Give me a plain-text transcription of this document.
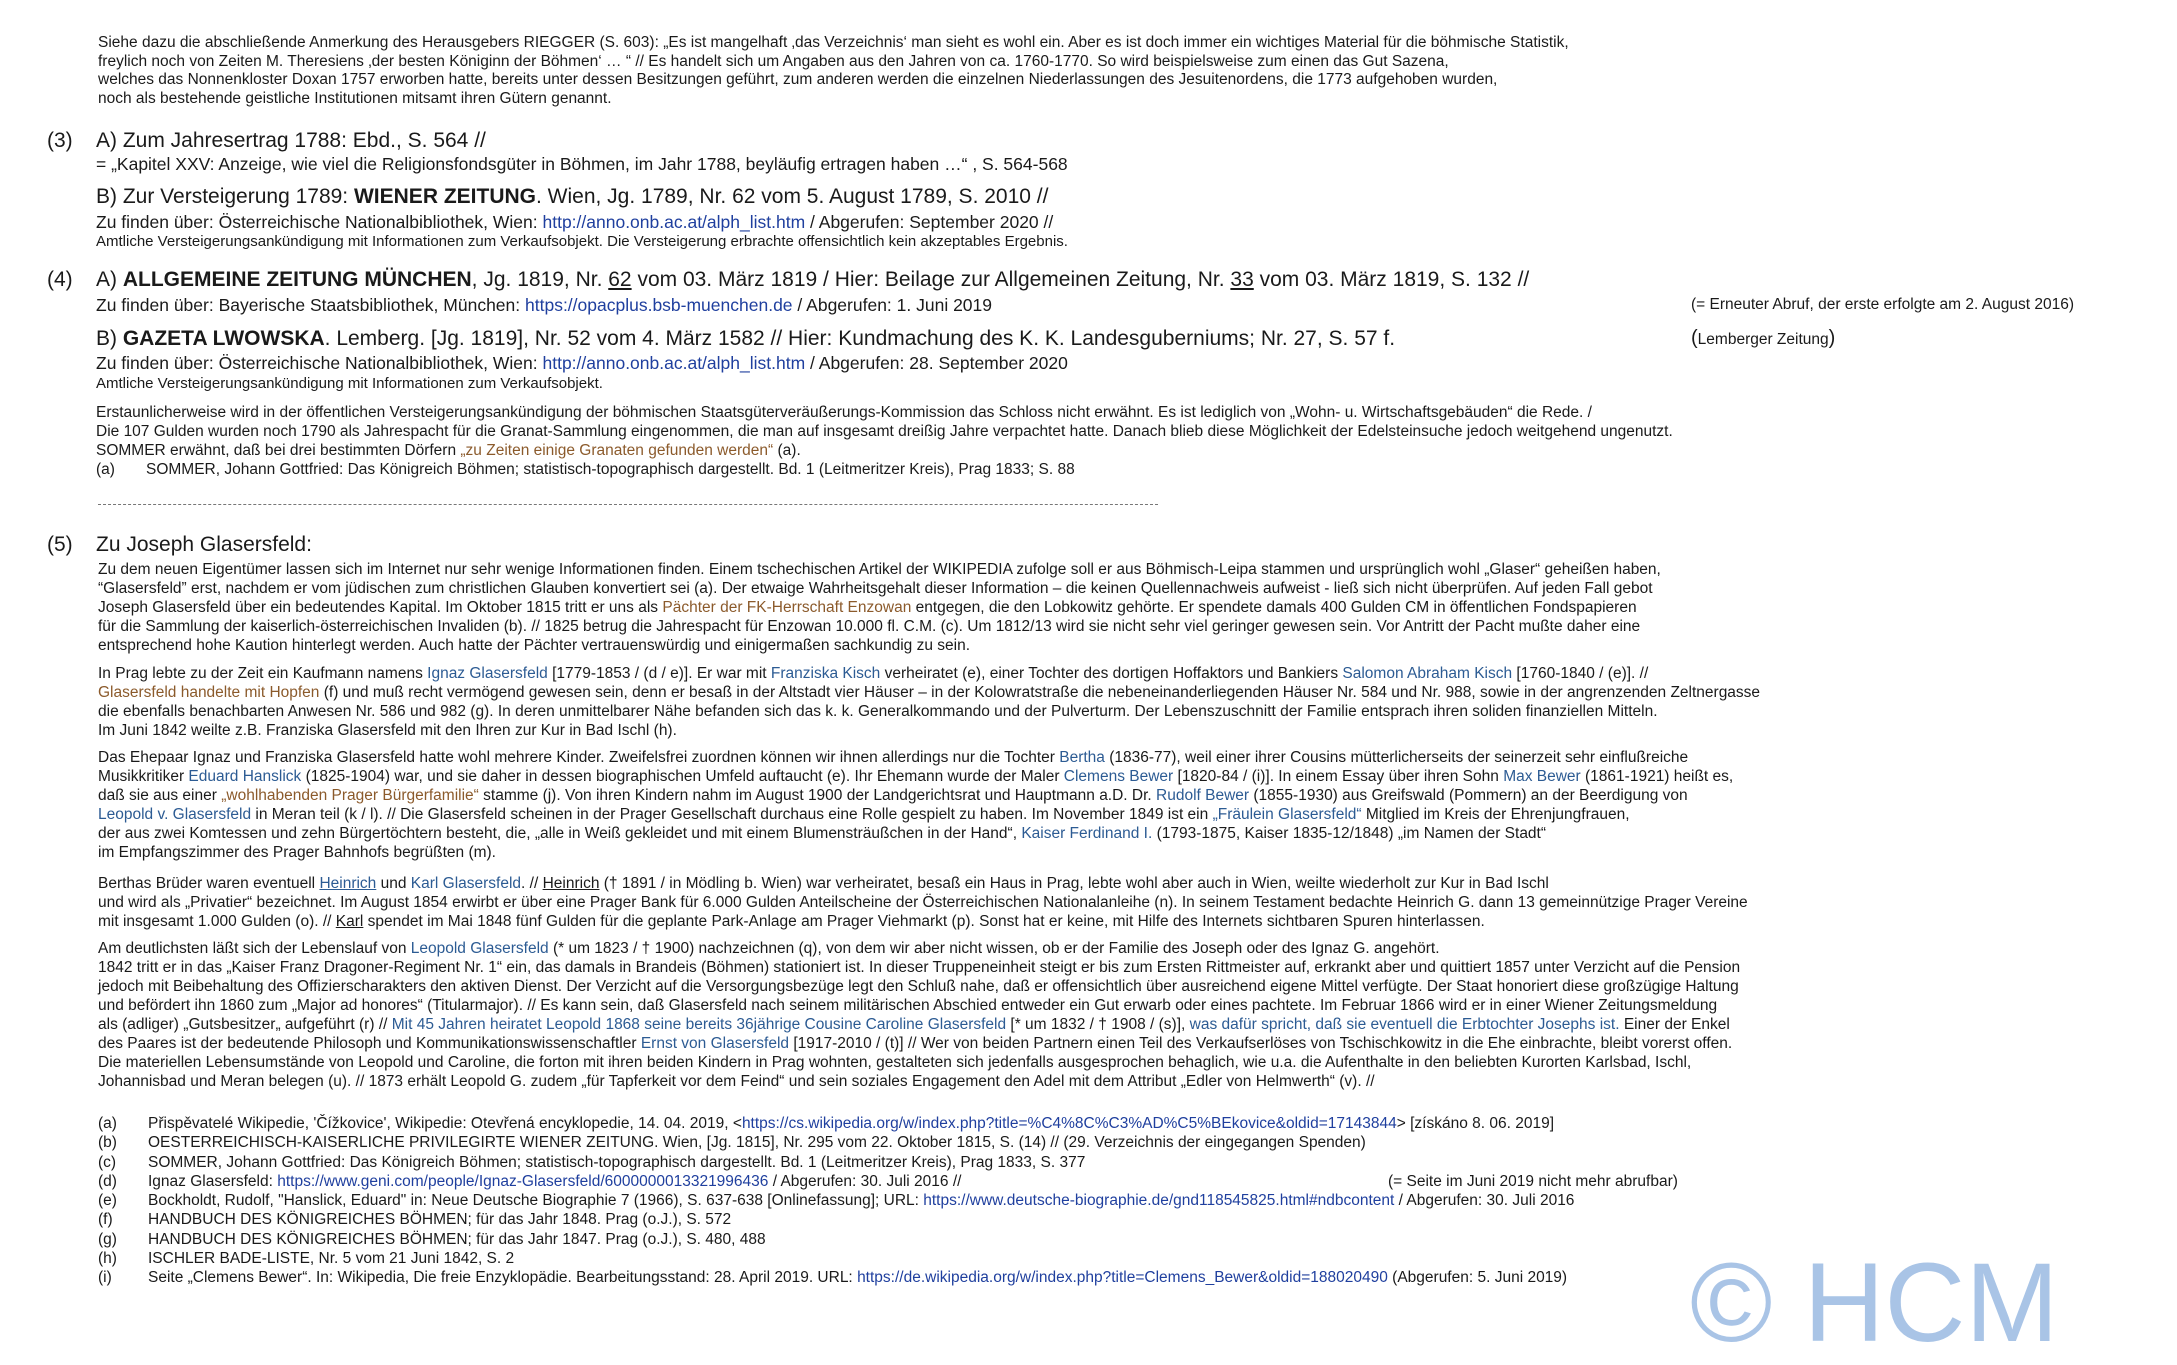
Siehe dazu die abschließende Anmerkung des Herausgebers RIEGGER (S. 603): „Es ist mangelhaft ‚das Verzeichnis‘ man sieht es wohl ein. Aber es ist doch immer ein wichtiges Material für die böhmische Statistik,
freylich noch von Zeiten M. Theresiens ‚der besten Königinn der Böhmen‘ … “ // Es handelt sich um Angaben aus den Jahren von ca. 1760-1770. So wird beispielsweise zum einen das Gut Sazena,
welches das Nonnenkloster Doxan 1757 erworben hatte, bereits unter dessen Besitzungen geführt, zum anderen werden die einzelnen Niederlassungen des Jesuitenordens, die 1773 aufgehoben wurden,
noch als bestehende geistliche Institutionen mitsamt ihren Gütern genannt.
(3) A) Zum Jahresertrag 1788: Ebd., S. 564 //
= „Kapitel XXV: Anzeige, wie viel die Religionsfondsgüter in Böhmen, im Jahr 1788, beyläufig ertragen haben …“ , S. 564-568
B) Zur Versteigerung 1789: WIENER ZEITUNG. Wien, Jg. 1789, Nr. 62 vom 5. August 1789, S. 2010 //
Zu finden über: Österreichische Nationalbibliothek, Wien: http://anno.onb.ac.at/alph_list.htm / Abgerufen: September 2020 //
Amtliche Versteigerungsankündigung mit Informationen zum Verkaufsobjekt. Die Versteigerung erbrachte offensichtlich kein akzeptables Ergebnis.
(4) A) ALLGEMEINE ZEITUNG MÜNCHEN, Jg. 1819, Nr. 62 vom 03. März 1819 / Hier: Beilage zur Allgemeinen Zeitung, Nr. 33 vom 03. März 1819, S. 132 //
Zu finden über: Bayerische Staatsbibliothek, München: https://opacplus.bsb-muenchen.de / Abgerufen: 1. Juni 2019	(= Erneuter Abruf, der erste erfolgte am 2. August 2016)
B) GAZETA LWOWSKA. Lemberg. [Jg. 1819], Nr. 52 vom 4. März 1582 // Hier: Kundmachung des K. K. Landesguberniums; Nr. 27, S. 57 f.	(Lemberger Zeitung)
Zu finden über: Österreichische Nationalbibliothek, Wien: http://anno.onb.ac.at/alph_list.htm / Abgerufen: 28. September 2020
Amtliche Versteigerungsankündigung mit Informationen zum Verkaufsobjekt.
Erstaunlicherweise wird in der öffentlichen Versteigerungsankündigung der böhmischen Staatsgüterveräußerungs-Kommission das Schloss nicht erwähnt. Es ist lediglich von „Wohn- u. Wirtschaftsgebäuden“ die Rede. /
Die 107 Gulden wurden noch 1790 als Jahrespacht für die Granat-Sammlung eingenommen, die man auf insgesamt dreißig Jahre verpachtet hatte. Danach blieb diese Möglichkeit der Edelsteinsuche jedoch weitgehend ungenutzt.
SOMMER erwähnt, daß bei drei bestimmten Dörfern „zu Zeiten einige Granaten gefunden werden“ (a).
(a) SOMMER, Johann Gottfried: Das Königreich Böhmen; statistisch-topographisch dargestellt. Bd. 1 (Leitmeritzer Kreis), Prag 1833; S. 88
(5) Zu Joseph Glasersfeld:
Zu dem neuen Eigentümer lassen sich im Internet nur sehr wenige Informationen finden. Einem tschechischen Artikel der WIKIPEDIA zufolge soll er aus Böhmisch-Leipa stammen und ursprünglich wohl „Glaser“ geheißen haben,
“Glasersfeld” erst, nachdem er vom jüdischen zum christlichen Glauben konvertiert sei (a). Der etwaige Wahrheitsgehalt dieser Information – die keinen Quellennachweis aufweist - ließ sich nicht überprüfen. Auf jeden Fall gebot
Joseph Glasersfeld über ein bedeutendes Kapital. Im Oktober 1815 tritt er uns als Pächter der FK-Herrschaft Enzowan entgegen, die den Lobkowitz gehörte. Er spendete damals 400 Gulden CM in öffentlichen Fondspapieren
für die Sammlung der kaiserlich-österreichischen Invaliden (b). // 1825 betrug die Jahrespacht für Enzowan 10.000 fl. C.M. (c). Um 1812/13 wird sie nicht sehr viel geringer gewesen sein. Vor Antritt der Pacht mußte daher eine
entsprechend hohe Kaution hinterlegt werden. Auch hatte der Pächter vertrauenswürdig und einigermaßen sachkundig zu sein.
In Prag lebte zu der Zeit ein Kaufmann namens Ignaz Glasersfeld [1779-1853 / (d / e)]. Er war mit Franziska Kisch verheiratet (e), einer Tochter des dortigen Hoffaktors und Bankiers Salomon Abraham Kisch [1760-1840 / (e)]. //
Glasersfeld handelte mit Hopfen (f) und muß recht vermögend gewesen sein, denn er besaß in der Altstadt vier Häuser – in der Kolowratstraße die nebeneinanderliegenden Häuser Nr. 584 und Nr. 988, sowie in der angrenzenden Zeltnergasse
die ebenfalls benachbarten Anwesen Nr. 586 und 982 (g). In deren unmittelbarer Nähe befanden sich das k. k. Generalkommando und der Pulverturm. Der Lebenszuschnitt der Familie entsprach ihren soliden finanziellen Mitteln.
Im Juni 1842 weilte z.B. Franziska Glasersfeld mit den Ihren zur Kur in Bad Ischl (h).
Das Ehepaar Ignaz und Franziska Glasersfeld hatte wohl mehrere Kinder. Zweifelsfrei zuordnen können wir ihnen allerdings nur die Tochter Bertha (1836-77), weil einer ihrer Cousins mütterlicherseits der seinerzeit sehr einflußreiche
Musikkritiker Eduard Hanslick (1825-1904) war, und sie daher in dessen biographischen Umfeld auftaucht (e). Ihr Ehemann wurde der Maler Clemens Bewer [1820-84 / (i)]. In einem Essay über ihren Sohn Max Bewer (1861-1921) heißt es,
daß sie aus einer „wohlhabenden Prager Bürgerfamilie“ stamme (j). Von ihren Kindern nahm im August 1900 der Landgerichtsrat und Hauptmann a.D. Dr. Rudolf Bewer (1855-1930) aus Greifswald (Pommern) an der Beerdigung von
Leopold v. Glasersfeld in Meran teil (k / l). // Die Glasersfeld scheinen in der Prager Gesellschaft durchaus eine Rolle gespielt zu haben. Im November 1849 ist ein „Fräulein Glasersfeld“ Mitglied im Kreis der Ehrenjungfrauen,
der aus zwei Komtessen und zehn Bürgertöchtern besteht, die, „alle in Weiß gekleidet und mit einem Blumensträußchen in der Hand“, Kaiser Ferdinand I. (1793-1875, Kaiser 1835-12/1848) „im Namen der Stadt“
im Empfangszimmer des Prager Bahnhofs begrüßten (m).
Berthas Brüder waren eventuell Heinrich und Karl Glasersfeld. // Heinrich († 1891 / in Mödling b. Wien) war verheiratet, besaß ein Haus in Prag, lebte wohl aber auch in Wien, weilte wiederholt zur Kur in Bad Ischl
und wird als „Privatier“ bezeichnet. Im August 1854 erwirbt er über eine Prager Bank für 6.000 Gulden Anteilscheine der Österreichischen Nationalanleihe (n). In seinem Testament bedachte Heinrich G. dann 13 gemeinnützige Prager Vereine
mit insgesamt 1.000 Gulden (o). // Karl spendet im Mai 1848 fünf Gulden für die geplante Park-Anlage am Prager Viehmarkt (p). Sonst hat er keine, mit Hilfe des Internets sichtbaren Spuren hinterlassen.
Am deutlichsten läßt sich der Lebenslauf von Leopold Glasersfeld (* um 1823 / † 1900) nachzeichnen (q), von dem wir aber nicht wissen, ob er der Familie des Joseph oder des Ignaz G. angehört.
1842 tritt er in das „Kaiser Franz Dragoner-Regiment Nr. 1“ ein, das damals in Brandeis (Böhmen) stationiert ist. In dieser Truppeneinheit steigt er bis zum Ersten Rittmeister auf, erkrankt aber und quittiert 1857 unter Verzicht auf die Pension
jedoch mit Beibehaltung des Offizierscharakters den aktiven Dienst. Der Verzicht auf die Versorgungsbezüge legt den Schluß nahe, daß er offensichtlich über ausreichend eigene Mittel verfügte. Der Staat honoriert diese großzügige Haltung
und befördert ihn 1860 zum „Major ad honores“ (Titularmajor). // Es kann sein, daß Glasersfeld nach seinem militärischen Abschied entweder ein Gut erwarb oder eines pachtete. Im Februar 1866 wird er in einer Wiener Zeitungsmeldung
als (adliger) „Gutsbesitzer„ aufgeführt (r) // Mit 45 Jahren heiratet Leopold 1868 seine bereits 36jährige Cousine Caroline Glasersfeld [* um 1832 / † 1908 / (s)], was dafür spricht, daß sie eventuell die Erbtochter Josephs ist. Einer der Enkel
des Paares ist der bedeutende Philosoph und Kommunikationswissenschaftler Ernst von Glasersfeld [1917-2010 / (t)] // Wer von beiden Partnern einen Teil des Verkaufserlöses von Tschischkowitz in die Ehe einbrachte, bleibt vorerst offen.
Die materiellen Lebensumstände von Leopold und Caroline, die forton mit ihren beiden Kindern in Prag wohnten, gestalteten sich jedenfalls ausgesprochen behaglich, wie u.a. die Aufenthalte in den beliebten Kurorten Karlsbad, Ischl,
Johannisbad und Meran belegen (u). // 1873 erhält Leopold G. zudem „für Tapferkeit vor dem Feind“ und sein soziales Engagement den Adel mit dem Attribut „Edler von Helmwerth“ (v). //
(a) Přispěvatelé Wikipedie, 'Čížkovice', Wikipedie: Otevřená encyklopedie, 14. 04. 2019, <https://cs.wikipedia.org/w/index.php?title=%C4%8C%C3%AD%C5%BEkovice&oldid=17143844> [získáno 8. 06. 2019]
(b) OESTERREICHISCH-KAISERLICHE PRIVILEGIRTE WIENER ZEITUNG. Wien, [Jg. 1815], Nr. 295 vom 22. Oktober 1815, S. (14) // (29. Verzeichnis der eingegangen Spenden)
(c) SOMMER, Johann Gottfried: Das Königreich Böhmen; statistisch-topographisch dargestellt. Bd. 1 (Leitmeritzer Kreis), Prag 1833, S. 377
(d) Ignaz Glasersfeld: https://www.geni.com/people/Ignaz-Glasersfeld/6000000013321996436 / Abgerufen: 30. Juli 2016 //	(= Seite im Juni 2019 nicht mehr abrufbar)
(e) Bockholdt, Rudolf, "Hanslick, Eduard" in: Neue Deutsche Biographie 7 (1966), S. 637-638 [Onlinefassung]; URL: https://www.deutsche-biographie.de/gnd118545825.html#ndbcontent / Abgerufen: 30. Juli 2016
(f) HANDBUCH DES KÖNIGREICHES BÖHMEN; für das Jahr 1848. Prag (o.J.), S. 572
(g) HANDBUCH DES KÖNIGREICHES BÖHMEN; für das Jahr 1847. Prag (o.J.), S. 480, 488
(h) ISCHLER BADE-LISTE, Nr. 5 vom 21 Juni 1842, S. 2
(i) Seite „Clemens Bewer“. In: Wikipedia, Die freie Enzyklopädie. Bearbeitungsstand: 28. April 2019. URL: https://de.wikipedia.org/w/index.php?title=Clemens_Bewer&oldid=188020490 (Abgerufen: 5. Juni 2019) © HCM
